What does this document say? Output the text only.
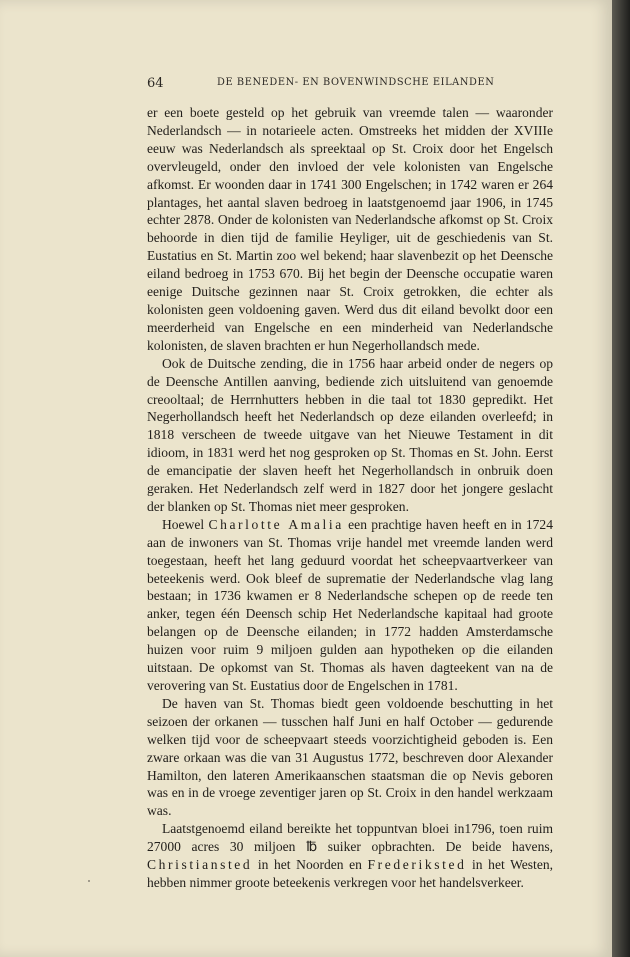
64	DE BENEDEN- EN BOVENWINDSCHE EILANDEN

er een boete gesteld op het gebruik van vreemde talen — waaronder Nederlandsch — in notarieele acten. Omstreeks het midden der XVIIIe eeuw was Nederlandsch als spreektaal op St. Croix door het Engelsch overvleugeld, onder den invloed der vele kolonisten van Engelsche afkomst. Er woonden daar in 1741 300 Engelschen; in 1742 waren er 264 plantages, het aantal slaven bedroeg in laatstgenoemd jaar 1906, in 1745 echter 2878. Onder de kolonisten van Nederlandsche afkomst op St. Croix behoorde in dien tijd de familie Heyliger, uit de geschiedenis van St. Eustatius en St. Martin zoo wel bekend; haar slavenbezit op het Deensche eiland bedroeg in 1753 670. Bij het begin der Deensche occupatie waren eenige Duitsche gezinnen naar St. Croix getrokken, die echter als kolonisten geen voldoening gaven. Werd dus dit eiland bevolkt door een meerderheid van Engelsche en een minderheid van Nederlandsche kolonisten, de slaven brachten er hun Negerhollandsch mede.

Ook de Duitsche zending, die in 1756 haar arbeid onder de negers op de Deensche Antillen aanving, bediende zich uitsluitend van genoemde creooltaal; de Herrnhutters hebben in die taal tot 1830 gepredikt. Het Negerhollandsch heeft het Nederlandsch op deze eilanden overleefd; in 1818 verscheen de tweede uitgave van het Nieuwe Testament in dit idioom, in 1831 werd het nog gesproken op St. Thomas en St. John. Eerst de emancipatie der slaven heeft het Negerhollandsch in onbruik doen geraken. Het Nederlandsch zelf werd in 1827 door het jongere geslacht der blanken op St. Thomas niet meer gesproken.

Hoewel Charlotte Amalia een prachtige haven heeft en in 1724 aan de inwoners van St. Thomas vrije handel met vreemde landen werd toegestaan, heeft het lang geduurd voordat het scheepvaartverkeer van beteekenis werd. Ook bleef de suprematie der Nederlandsche vlag lang bestaan; in 1736 kwamen er 8 Nederlandsche schepen op de reede ten anker, tegen één Deensch schip Het Nederlandsche kapitaal had groote belangen op de Deensche eilanden; in 1772 hadden Amsterdamsche huizen voor ruim 9 miljoen gulden aan hypotheken op die eilanden uitstaan. De opkomst van St. Thomas als haven dagteekent van na de verovering van St. Eustatius door de Engelschen in 1781.

De haven van St. Thomas biedt geen voldoende beschutting in het seizoen der orkanen — tusschen half Juni en half October — gedurende welken tijd voor de scheepvaart steeds voorzichtigheid geboden is. Een zware orkaan was die van 31 Augustus 1772, beschreven door Alexander Hamilton, den lateren Amerikaanschen staatsman die op Nevis geboren was en in de vroege zeventiger jaren op St. Croix in den handel werkzaam was.

Laatstgenoemd eiland bereikte het toppuntvan bloei in1796, toen ruim 27000 acres 30 miljoen ℔ suiker opbrachten. De beide havens, Christiansted in het Noorden en Frederiksted in het Westen, hebben nimmer groote beteekenis verkregen voor het handelsverkeer.
